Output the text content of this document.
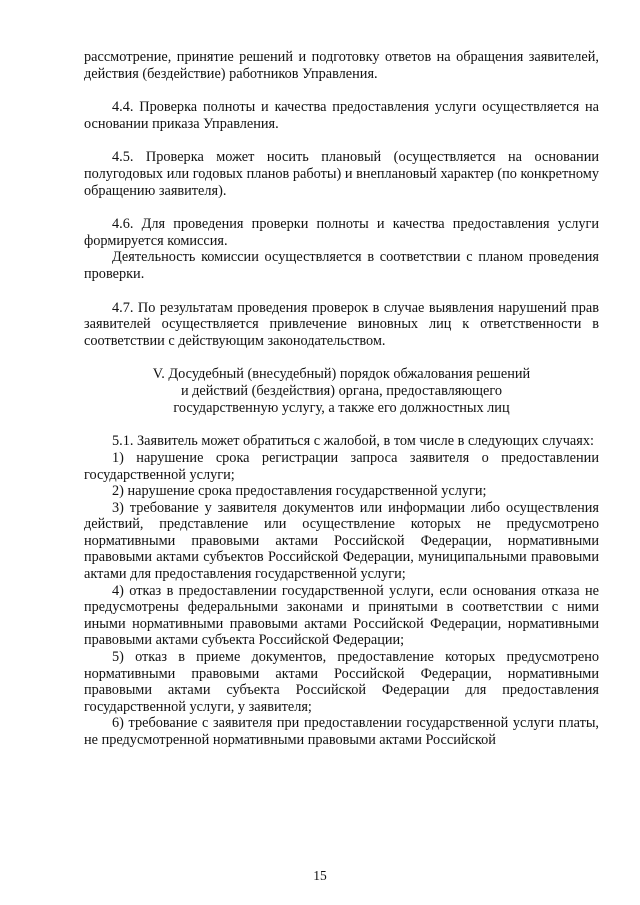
рассмотрение, принятие решений и подготовку ответов на обращения заявителей, действия (бездействие) работников Управления.

4.4. Проверка полноты и качества предоставления услуги осуществляется на основании приказа Управления.

4.5. Проверка может носить плановый (осуществляется на основании полугодовых или годовых планов работы) и внеплановый характер (по конкретному обращению заявителя).

4.6. Для проведения проверки полноты и качества предоставления услуги формируется комиссия.

Деятельность комиссии осуществляется в соответствии с планом проведения проверки.

4.7. По результатам проведения проверок в случае выявления нарушений прав заявителей осуществляется привлечение виновных лиц к ответственности в соответствии с действующим законодательством.

V. Досудебный (внесудебный) порядок обжалования решений
и действий (бездействия) органа, предоставляющего
государственную услугу, а также его должностных лиц

5.1. Заявитель может обратиться с жалобой, в том числе в следующих случаях:

1) нарушение срока регистрации запроса заявителя о предоставлении государственной услуги;

2) нарушение срока предоставления государственной услуги;

3) требование у заявителя документов или информации либо осуществления действий, представление или осуществление которых не предусмотрено нормативными правовыми актами Российской Федерации, нормативными правовыми актами субъектов Российской Федерации, муниципальными правовыми актами для предоставления государственной услуги;

4) отказ в предоставлении государственной услуги, если основания отказа не предусмотрены федеральными законами и принятыми в соответствии с ними иными нормативными правовыми актами Российской Федерации, нормативными правовыми актами субъекта Российской Федерации;

5) отказ в приеме документов, предоставление которых предусмотрено нормативными правовыми актами Российской Федерации, нормативными правовыми актами субъекта Российской Федерации для предоставления государственной услуги, у заявителя;

6) требование с заявителя при предоставлении государственной услуги платы, не предусмотренной нормативными правовыми актами Российской

15
